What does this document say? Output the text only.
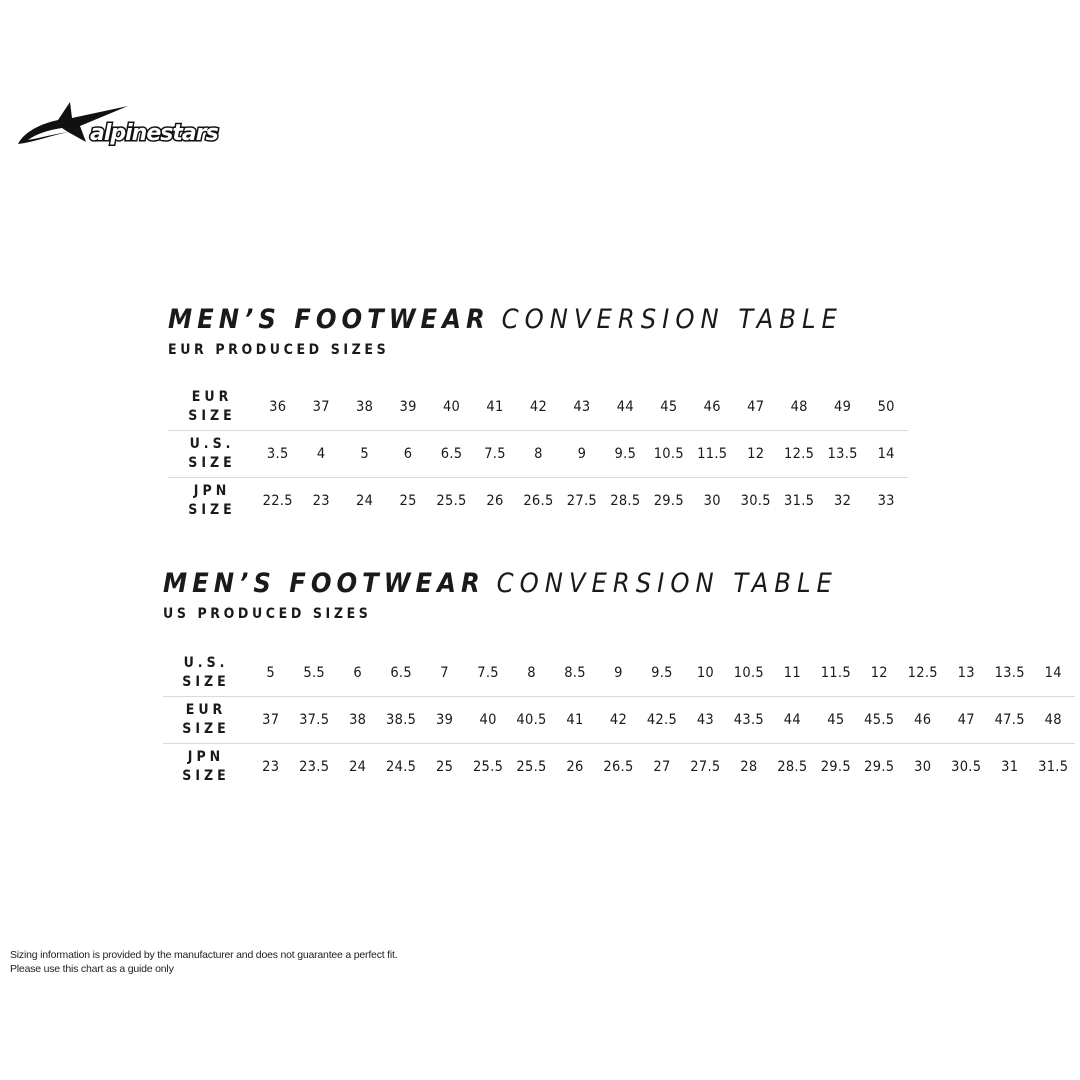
alpinestars
MEN’S FOOTWEAR CONVERSION TABLE
EUR PRODUCED SIZES
EUR
SIZE	36	37	38	39	40	41	42	43	44	45	46	47	48	49	50

U.S.
SIZE	3.5	4	5	6	6.5	7.5	8	9	9.5	10.5	11.5	12	12.5	13.5	14

JPN
SIZE	22.5	23	24	25	25.5	26	26.5	27.5	28.5	29.5	30	30.5	31.5	32	33
MEN’S FOOTWEAR CONVERSION TABLE
US PRODUCED SIZES
U.S.
SIZE	5	5.5	6	6.5	7	7.5	8	8.5	9	9.5	10	10.5	11	11.5	12	12.5	13	13.5	14

EUR
SIZE	37	37.5	38	38.5	39	40	40.5	41	42	42.5	43	43.5	44	45	45.5	46	47	47.5	48

JPN
SIZE	23	23.5	24	24.5	25	25.5	25.5	26	26.5	27	27.5	28	28.5	29.5	29.5	30	30.5	31	31.5
Sizing information is provided by the manufacturer and does not guarantee a perfect fit.
Please use this chart as a guide only
